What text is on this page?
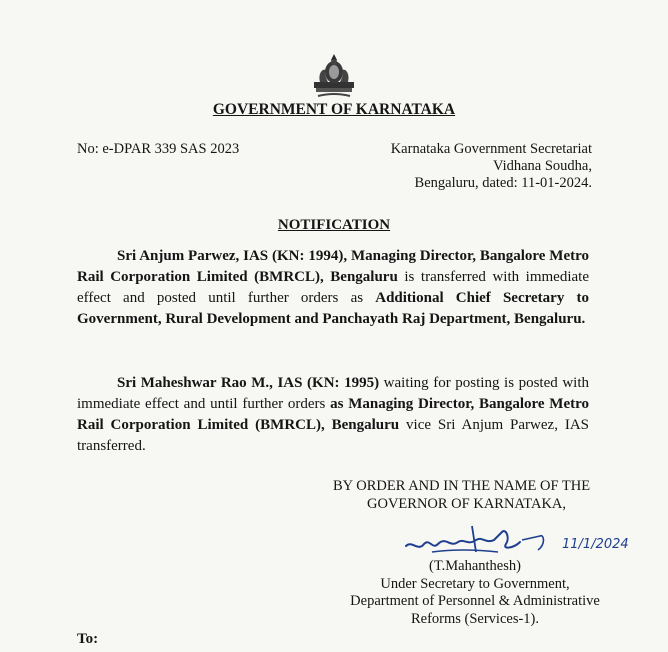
GOVERNMENT OF KARNATAKA
No: e-DPAR 339 SAS 2023	Karnataka Government Secretariat
Vidhana Soudha,
Bengaluru, dated: 11-01-2024.
NOTIFICATION
Sri Anjum Parwez, IAS (KN: 1994), Managing Director, Bangalore Metro Rail Corporation Limited (BMRCL), Bengaluru is transferred with immediate effect and posted until further orders as Additional Chief Secretary to Government, Rural Development and Panchayath Raj Department, Bengaluru.
Sri Maheshwar Rao M., IAS (KN: 1995) waiting for posting is posted with immediate effect and until further orders as Managing Director, Bangalore Metro Rail Corporation Limited (BMRCL), Bengaluru vice Sri Anjum Parwez, IAS transferred.
BY ORDER AND IN THE NAME OF THE
GOVERNOR OF KARNATAKA,
11/1/2024
(T.Mahanthesh)
Under Secretary to Government,
Department of Personnel & Administrative
Reforms (Services-1).
To:
